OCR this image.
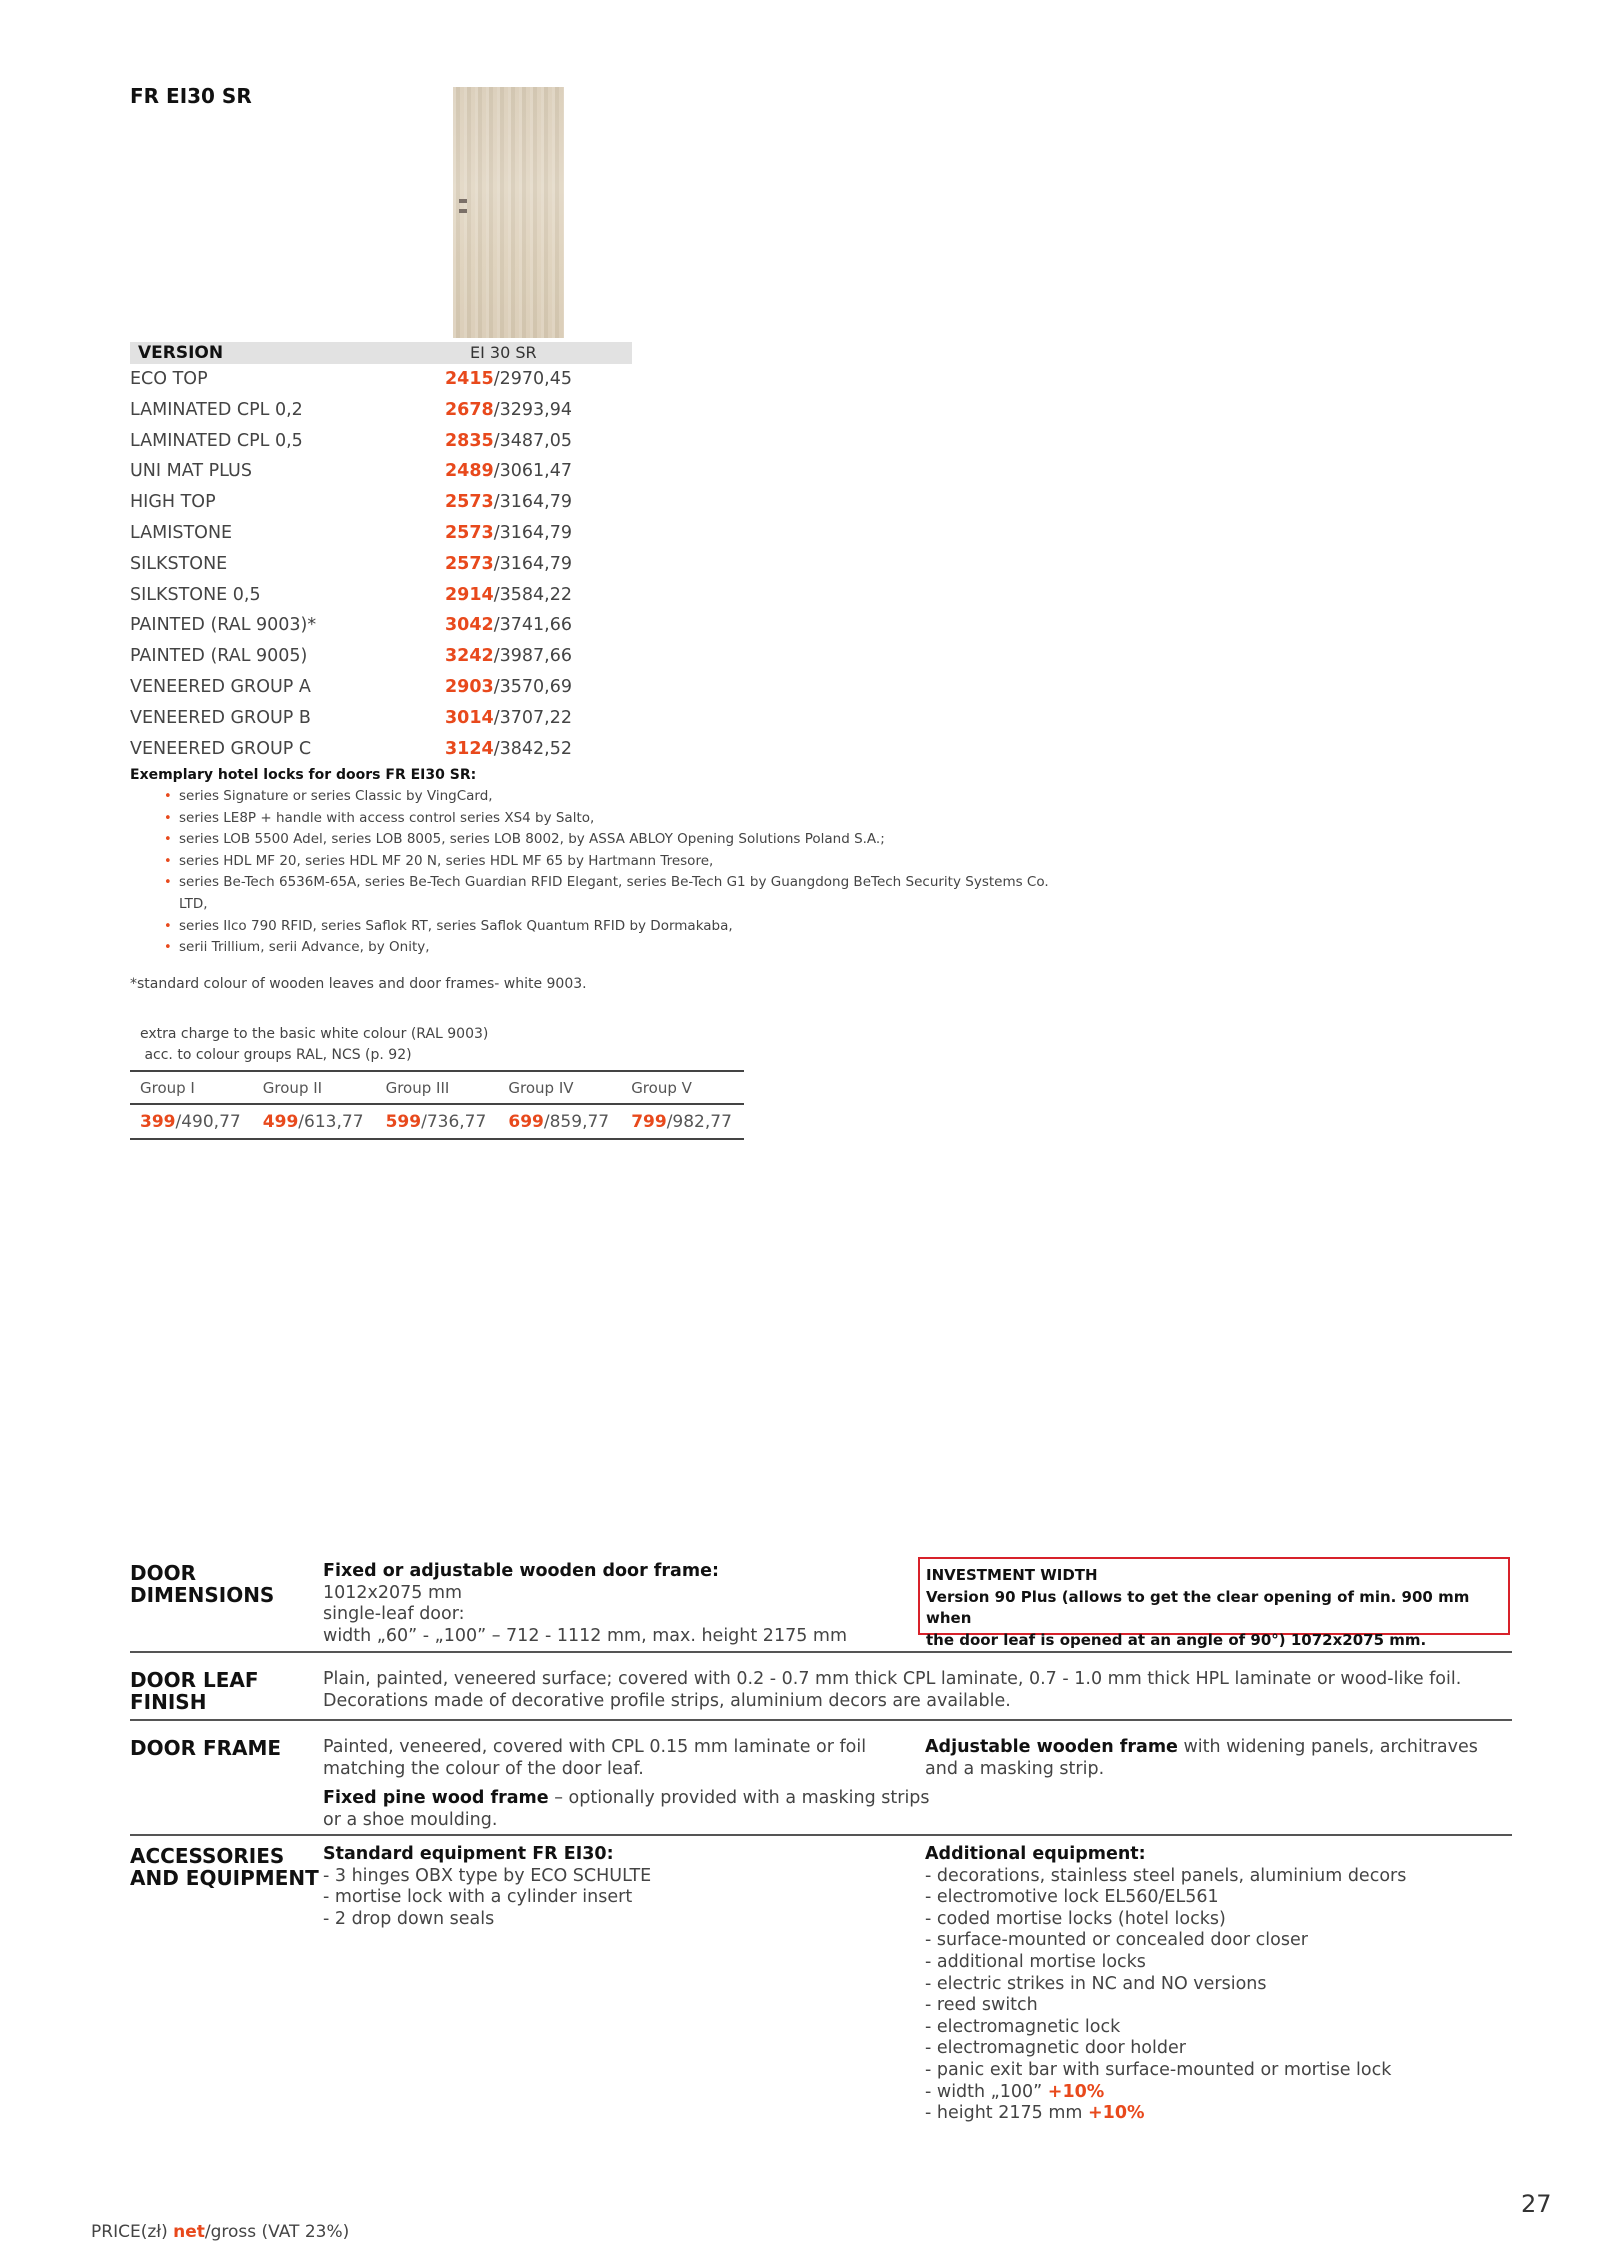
FR EI30 SR
VERSION	EI 30 SR
ECO TOP	2415/2970,45
LAMINATED CPL 0,2	2678/3293,94
LAMINATED CPL 0,5	2835/3487,05
UNI MAT PLUS	2489/3061,47
HIGH TOP	2573/3164,79
LAMISTONE	2573/3164,79
SILKSTONE	2573/3164,79
SILKSTONE 0,5	2914/3584,22
PAINTED (RAL 9003)*	3042/3741,66
PAINTED (RAL 9005)	3242/3987,66
VENEERED GROUP A	2903/3570,69
VENEERED GROUP B	3014/3707,22
VENEERED GROUP C	3124/3842,52
Exemplary hotel locks for doors FR EI30 SR:
• series Signature or series Classic by VingCard,
• series LE8P + handle with access control series XS4 by Salto,
• series LOB 5500 Adel, series LOB 8005, series LOB 8002, by ASSA ABLOY Opening Solutions Poland S.A.;
• series HDL MF 20, series HDL MF 20 N, series HDL MF 65 by Hartmann Tresore,
• series Be-Tech 6536M-65A, series Be-Tech Guardian RFID Elegant, series Be-Tech G1 by Guangdong BeTech Security Systems Co.
LTD,
• series Ilco 790 RFID, series Saflok RT, series Saflok Quantum RFID by Dormakaba,
• serii Trillium, serii Advance, by Onity,
*standard colour of wooden leaves and door frames- white 9003.
extra charge to the basic white colour (RAL 9003)
acc. to colour groups RAL, NCS (p. 92)
Group I	Group II	Group III	Group IV	Group V
399/490,77	499/613,77	599/736,77	699/859,77	799/982,77
DOOR
DIMENSIONS
Fixed or adjustable wooden door frame:
1012x2075 mm
single-leaf door:
width „60” - „100” – 712 - 1112 mm, max. height 2175 mm
INVESTMENT WIDTH
Version 90 Plus (allows to get the clear opening of min. 900 mm when
the door leaf is opened at an angle of 90°) 1072x2075 mm.
DOOR LEAF
FINISH
Plain, painted, veneered surface; covered with 0.2 - 0.7 mm thick CPL laminate, 0.7 - 1.0 mm thick HPL laminate or wood-like foil.
Decorations made of decorative profile strips, aluminium decors are available.
DOOR FRAME Painted, veneered, covered with CPL 0.15 mm laminate or foil
matching the colour of the door leaf.
Fixed pine wood frame – optionally provided with a masking strips
or a shoe moulding.
Adjustable wooden frame with widening panels, architraves
and a masking strip.
ACCESSORIES
AND EQUIPMENT
Standard equipment FR EI30:
- 3 hinges OBX type by ECO SCHULTE
- mortise lock with a cylinder insert
- 2 drop down seals
Additional equipment:
- decorations, stainless steel panels, aluminium decors
- electromotive lock EL560/EL561
- coded mortise locks (hotel locks)
- surface-mounted or concealed door closer
- additional mortise locks
- electric strikes in NC and NO versions
- reed switch
- electromagnetic lock
- electromagnetic door holder
- panic exit bar with surface-mounted or mortise lock
- width „100” +10%
- height 2175 mm +10%
27
PRICE(zł) net/gross (VAT 23%)
